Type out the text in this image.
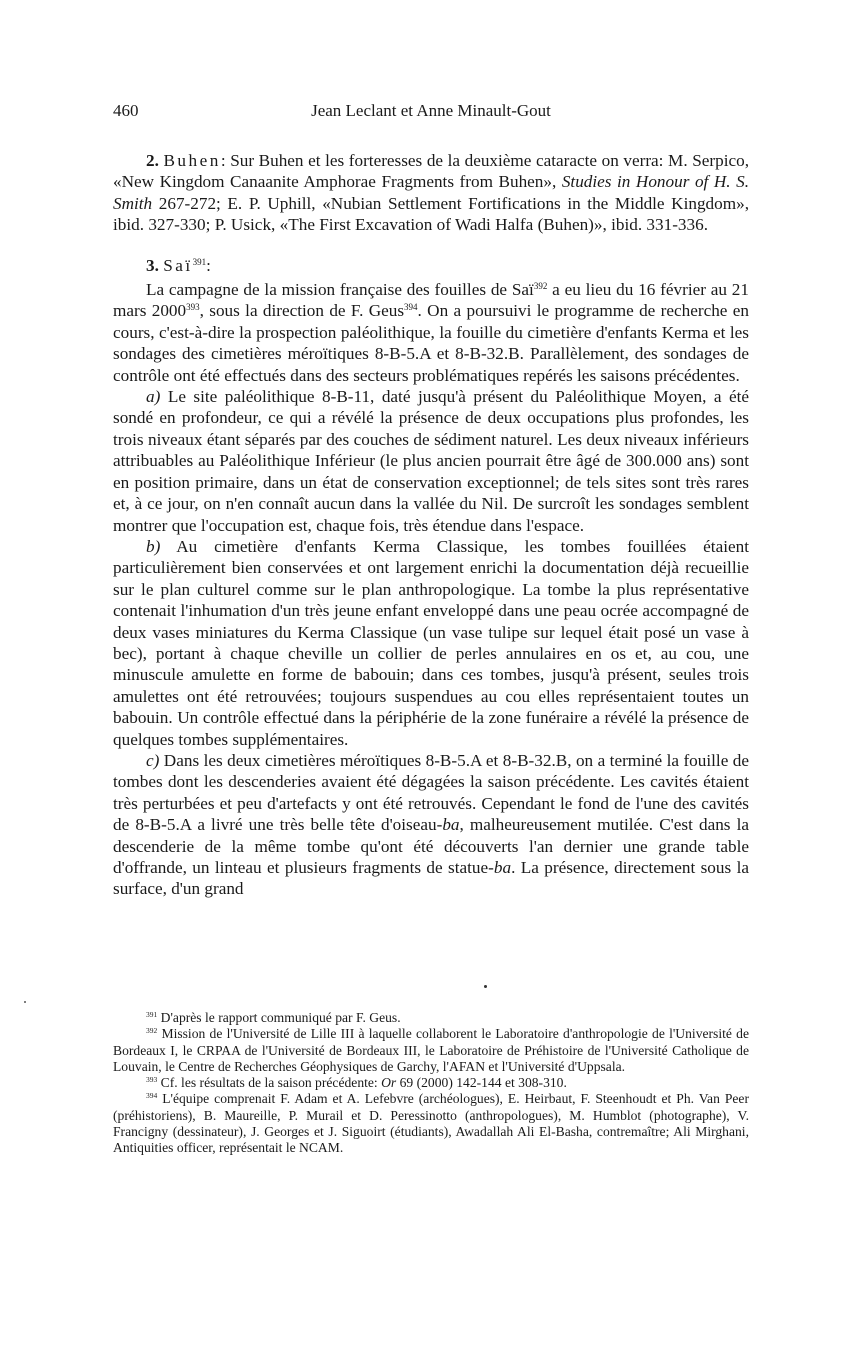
460	Jean Leclant et Anne Minault-Gout

2. Buhen: Sur Buhen et les forteresses de la deuxième cataracte on verra: M. Serpico, «New Kingdom Canaanite Amphorae Fragments from Buhen», Studies in Honour of H. S. Smith 267-272; E. P. Uphill, «Nubian Settlement Fortifications in the Middle Kingdom», ibid. 327-330; P. Usick, «The First Excavation of Wadi Halfa (Buhen)», ibid. 331-336.

3. Saï$^{391}$:

La campagne de la mission française des fouilles de Saï$^{392}$ a eu lieu du 16 février au 21 mars 2000$^{393}$, sous la direction de F. Geus$^{394}$. On a poursuivi le programme de recherche en cours, c'est-à-dire la prospection paléolithique, la fouille du cimetière d'enfants Kerma et les sondages des cimetières méroïtiques 8-B-5.A et 8-B-32.B. Parallèlement, des sondages de contrôle ont été effectués dans des secteurs problématiques repérés les saisons précédentes.

a) Le site paléolithique 8-B-11, daté jusqu'à présent du Paléolithique Moyen, a été sondé en profondeur, ce qui a révélé la présence de deux occupations plus profondes, les trois niveaux étant séparés par des couches de sédiment naturel. Les deux niveaux inférieurs attribuables au Paléolithique Inférieur (le plus ancien pourrait être âgé de 300.000 ans) sont en position primaire, dans un état de conservation exceptionnel; de tels sites sont très rares et, à ce jour, on n'en connaît aucun dans la vallée du Nil. De surcroît les sondages semblent montrer que l'occupation est, chaque fois, très étendue dans l'espace.

b) Au cimetière d'enfants Kerma Classique, les tombes fouillées étaient particulièrement bien conservées et ont largement enrichi la documentation déjà recueillie sur le plan culturel comme sur le plan anthropologique. La tombe la plus représentative contenait l'inhumation d'un très jeune enfant enveloppé dans une peau ocrée accompagné de deux vases miniatures du Kerma Classique (un vase tulipe sur lequel était posé un vase à bec), portant à chaque cheville un collier de perles annulaires en os et, au cou, une minuscule amulette en forme de babouin; dans ces tombes, jusqu'à présent, seules trois amulettes ont été retrouvées; toujours suspendues au cou elles représentaient toutes un babouin. Un contrôle effectué dans la périphérie de la zone funéraire a révélé la présence de quelques tombes supplémentaires.

c) Dans les deux cimetières méroïtiques 8-B-5.A et 8-B-32.B, on a terminé la fouille de tombes dont les descenderies avaient été dégagées la saison précédente. Les cavités étaient très perturbées et peu d'artefacts y ont été retrouvés. Cependant le fond de l'une des cavités de 8-B-5.A a livré une très belle tête d'oiseau-ba, malheureusement mutilée. C'est dans la descenderie de la même tombe qu'ont été découverts l'an dernier une grande table d'offrande, un linteau et plusieurs fragments de statue-ba. La présence, directement sous la surface, d'un grand

$^{391}$ D'après le rapport communiqué par F. Geus.

$^{392}$ Mission de l'Université de Lille III à laquelle collaborent le Laboratoire d'anthropologie de l'Université de Bordeaux I, le CRPAA de l'Université de Bordeaux III, le Laboratoire de Préhistoire de l'Université Catholique de Louvain, le Centre de Recherches Géophysiques de Garchy, l'AFAN et l'Université d'Uppsala.

$^{393}$ Cf. les résultats de la saison précédente: Or 69 (2000) 142-144 et 308-310.

$^{394}$ L'équipe comprenait F. Adam et A. Lefebvre (archéologues), E. Heirbaut, F. Steenhoudt et Ph. Van Peer (préhistoriens), B. Maureille, P. Murail et D. Peressinotto (anthropologues), M. Humblot (photographe), V. Francigny (dessinateur), J. Georges et J. Siguoirt (étudiants), Awadallah Ali El-Basha, contremaître; Ali Mirghani, Antiquities officer, représentait le NCAM.
